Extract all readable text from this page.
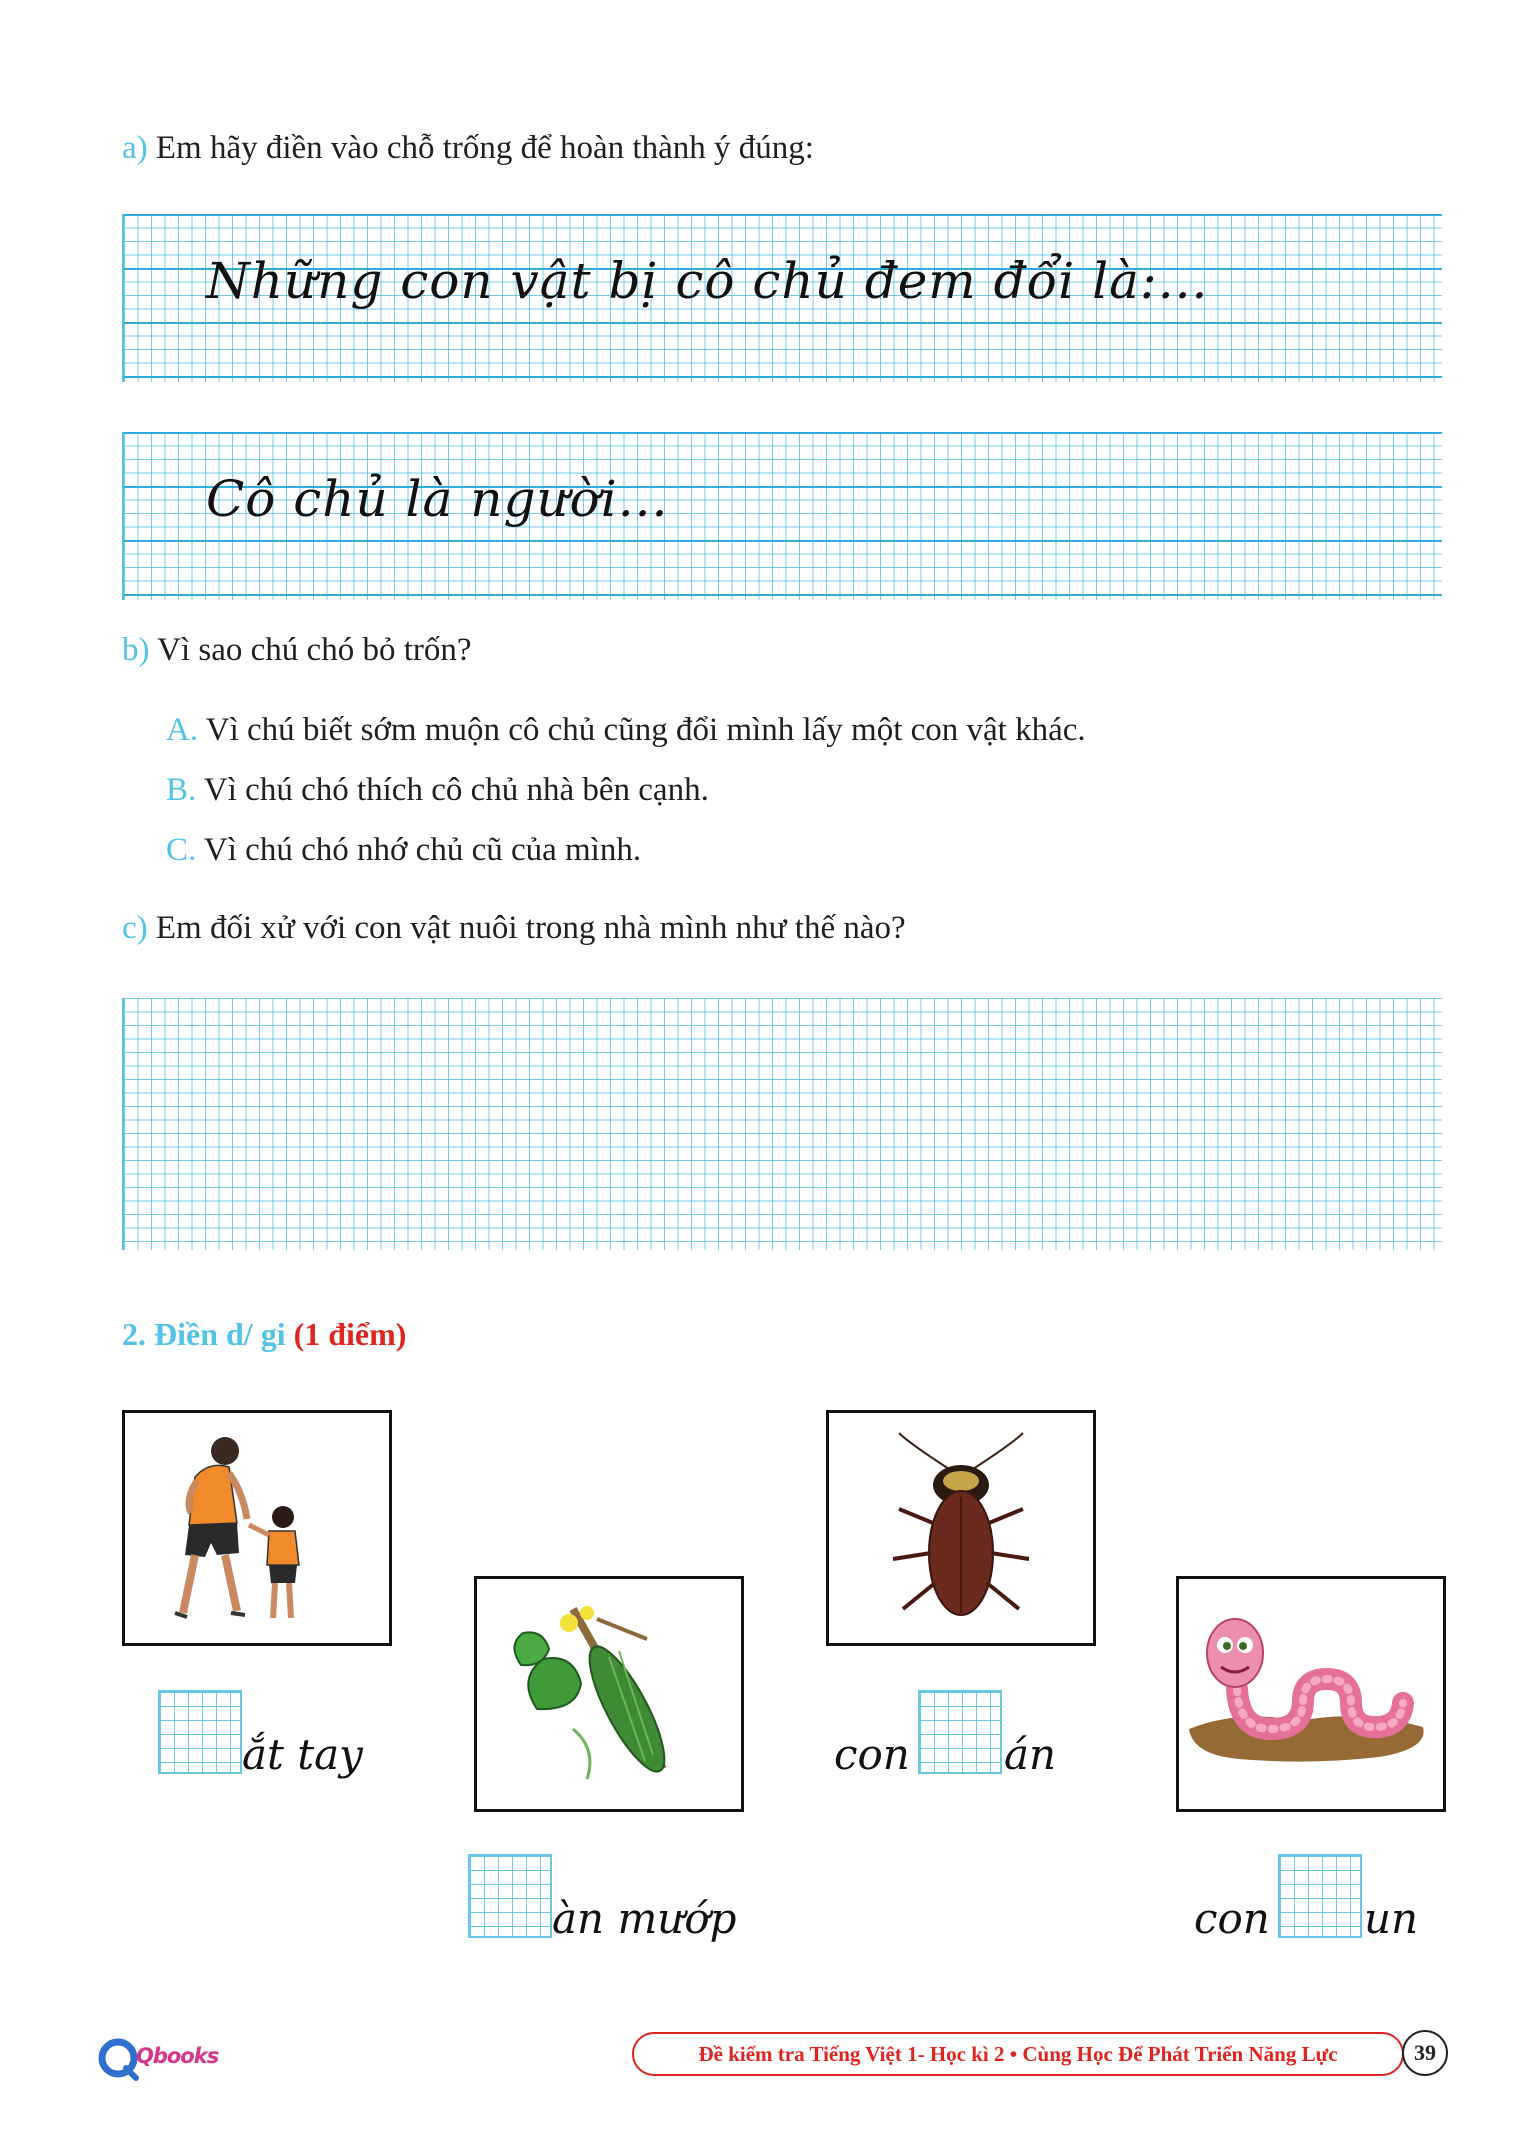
a) Em hãy điền vào chỗ trống để hoàn thành ý đúng:
Những con vật bị cô chủ đem đổi là:...
Cô chủ là người...
b) Vì sao chú chó bỏ trốn?
A. Vì chú biết sớm muộn cô chủ cũng đổi mình lấy một con vật khác.
B. Vì chú chó thích cô chủ nhà bên cạnh.
C. Vì chú chó nhớ chủ cũ của mình.
c) Em đối xử với con vật nuôi trong nhà mình như thế nào?
2. Điền d/ gi (1 điểm)
ắt tay
àn mướp
con án
con un
Qbooks	Đề kiểm tra Tiếng Việt 1- Học kì 2 • Cùng Học Để Phát Triển Năng Lực	39
